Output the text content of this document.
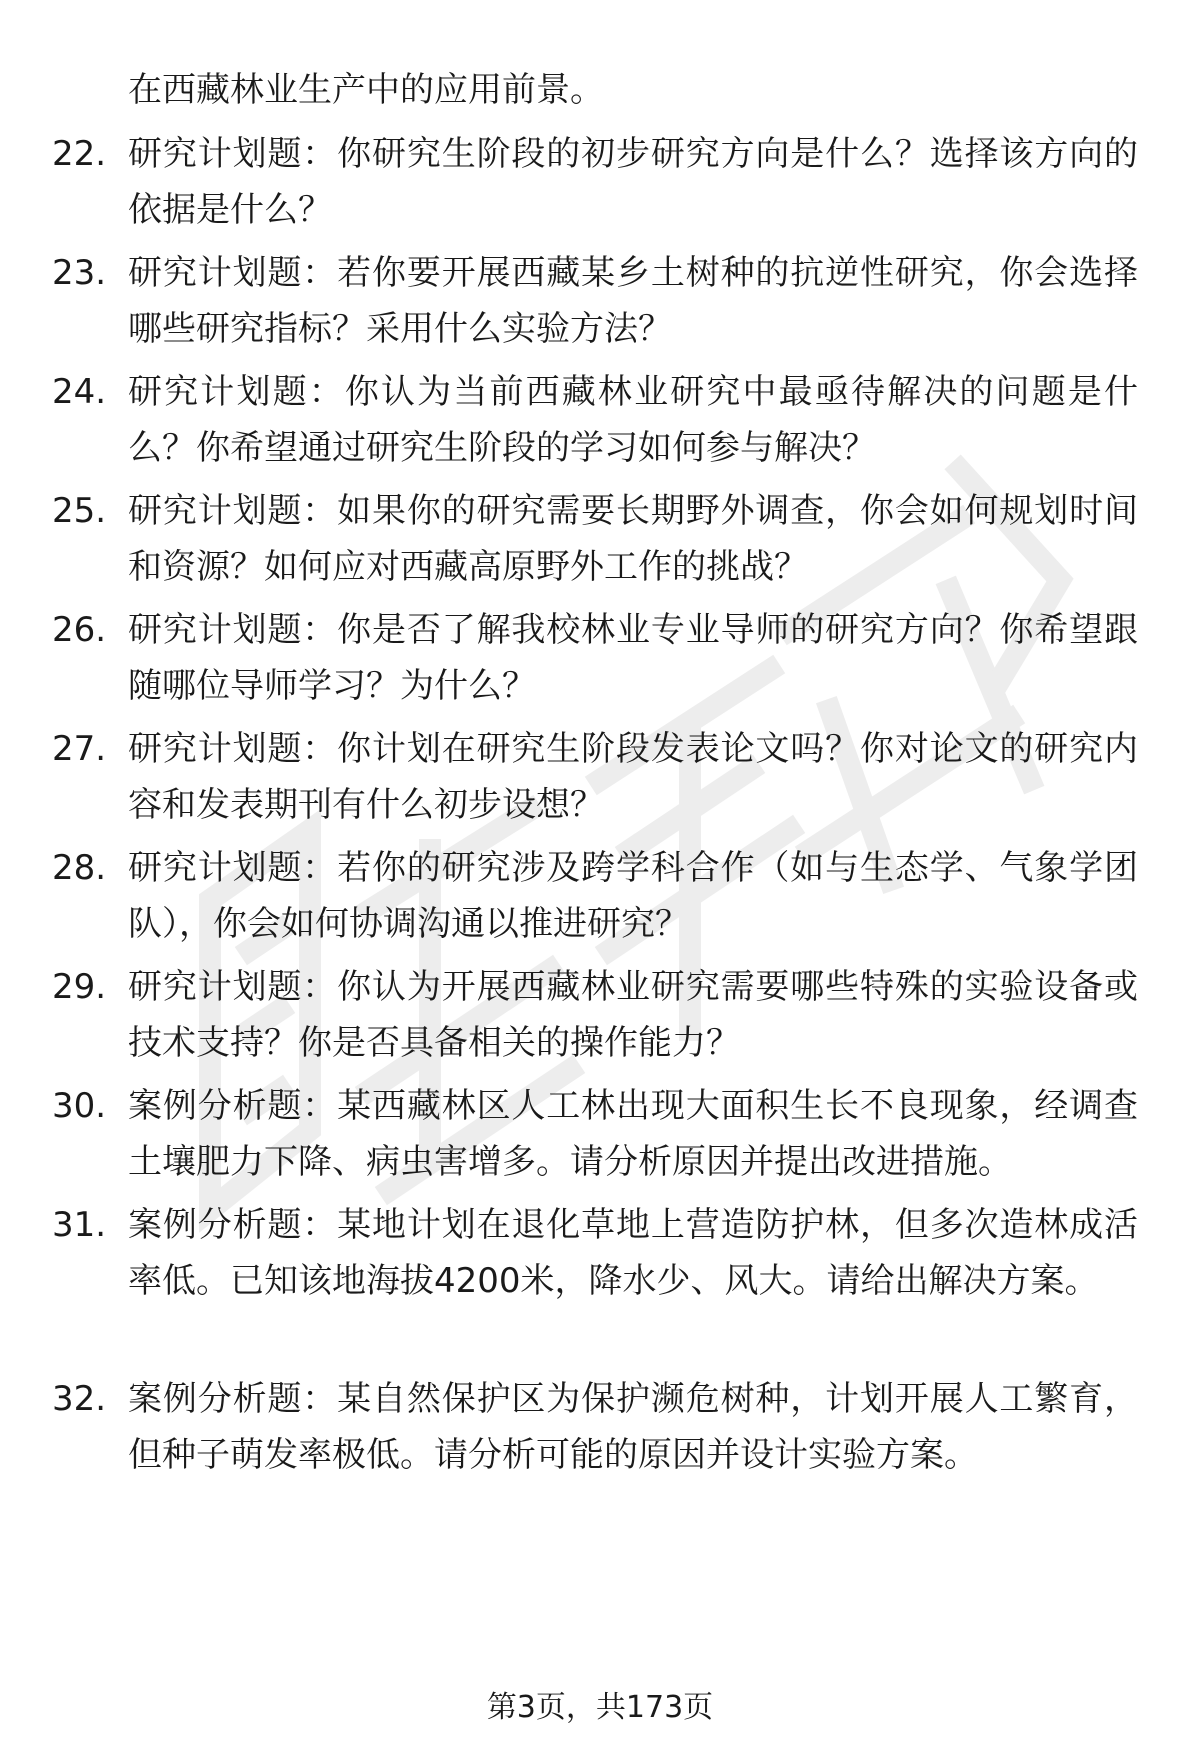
在西藏林业生产中的应用前景。
22. 研究计划题：你研究生阶段的初步研究方向是什么？选择该方向的依据是什么？
23. 研究计划题：若你要开展西藏某乡土树种的抗逆性研究，你会选择哪些研究指标？采用什么实验方法？
24. 研究计划题：你认为当前西藏林业研究中最亟待解决的问题是什么？你希望通过研究生阶段的学习如何参与解决？
25. 研究计划题：如果你的研究需要长期野外调查，你会如何规划时间和资源？如何应对西藏高原野外工作的挑战？
26. 研究计划题：你是否了解我校林业专业导师的研究方向？你希望跟随哪位导师学习？为什么？
27. 研究计划题：你计划在研究生阶段发表论文吗？你对论文的研究内容和发表期刊有什么初步设想？
28. 研究计划题：若你的研究涉及跨学科合作（如与生态学、气象学团队），你会如何协调沟通以推进研究？
29. 研究计划题：你认为开展西藏林业研究需要哪些特殊的实验设备或技术支持？你是否具备相关的操作能力？
30. 案例分析题：某西藏林区人工林出现大面积生长不良现象，经调查土壤肥力下降、病虫害增多。请分析原因并提出改进措施。
31. 案例分析题：某地计划在退化草地上营造防护林，但多次造林成活率低。已知该地海拔4200米，降水少、风大。请给出解决方案。
32. 案例分析题：某自然保护区为保护濒危树种，计划开展人工繁育，但种子萌发率极低。请分析可能的原因并设计实验方案。
第3页，共173页
